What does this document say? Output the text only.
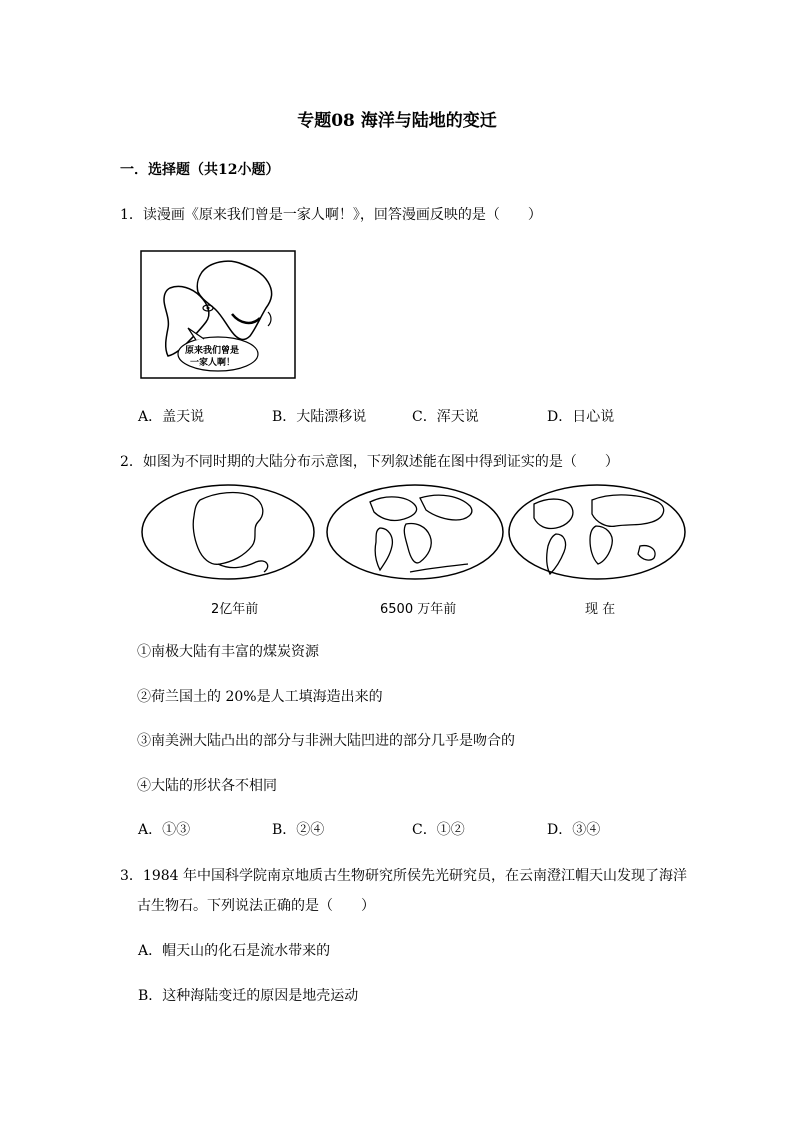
专题08 海洋与陆地的变迁
一．选择题（共12小题）
1．读漫画《原来我们曾是一家人啊！》，回答漫画反映的是（　　）
原来我们曾是
一家人啊！
A．盖天说	B．大陆漂移说	C．浑天说	D．日心说
2．如图为不同时期的大陆分布示意图，下列叙述能在图中得到证实的是（　　）
2亿年前	6500 万年前	现 在
①南极大陆有丰富的煤炭资源
②荷兰国土的 20%是人工填海造出来的
③南美洲大陆凸出的部分与非洲大陆凹进的部分几乎是吻合的
④大陆的形状各不相同
A．①③	B．②④	C．①②	D．③④
3．1984 年中国科学院南京地质古生物研究所侯先光研究员，在云南澄江帽天山发现了海洋
古生物石。下列说法正确的是（　　）
A．帽天山的化石是流水带来的
B．这种海陆变迁的原因是地壳运动
